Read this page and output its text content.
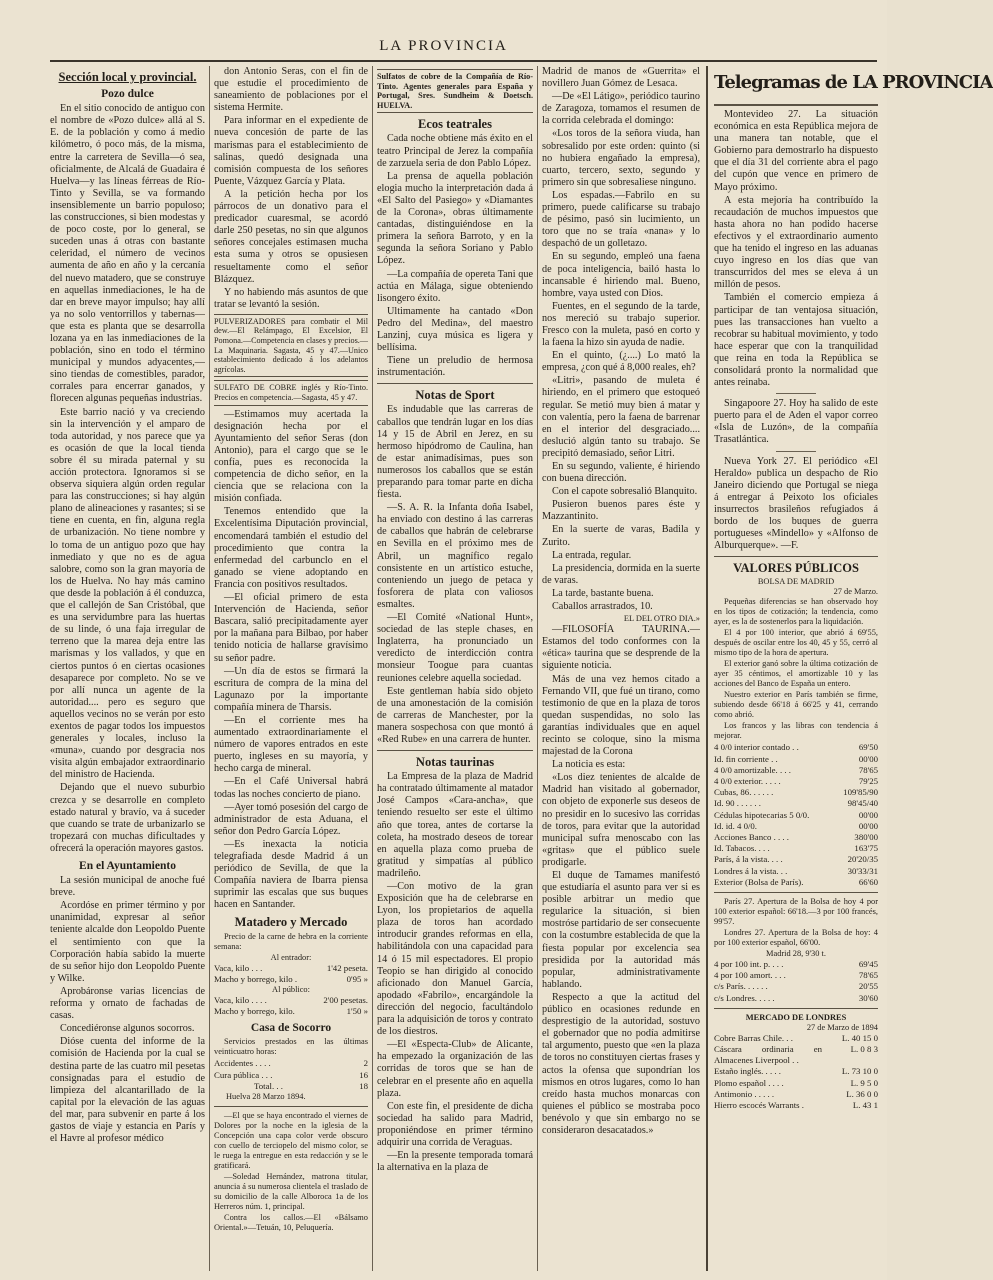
LA PROVINCIA
Sección local y provincial.
Pozo dulce

En el sitio conocido de antiguo con el nombre de «Pozo dulce» allá al S. E. de la población y como á medio kilómetro, ó poco más, de la misma, entre la carretera de Sevilla—ó sea, oficialmente, de Alcalá de Guadaira é Huelva—y las líneas férreas de Río-Tinto y Sevilla, se va formando insensiblemente un barrio populoso; las construcciones, si bien modestas y de poco coste, por lo general, se suceden unas á otras con bastante celeridad, el número de vecinos aumenta de año en año y la cercanía del nuevo matadero, que se construye en aquellas inmediaciones, le ha de dar en breve mayor impulso; hay allí ya no solo ventorrillos y tabernas—que esta es planta que se desarrolla lozana ya en las inmediaciones de la población, sino en todo el término municipal y mundos adyacentes,—sino tiendas de comestibles, parador, corrales para encerrar ganados, y florecen algunas pequeñas industrias.

Este barrio nació y va creciendo sin la intervención y el amparo de toda autoridad, y nos parece que ya es ocasión de que la local tienda sobre él su mirada paternal y su acción protectora. Ignoramos si se observa siquiera algún orden regular para las construcciones; si hay algún plano de alineaciones y rasantes; si se tiene en cuenta, en fin, alguna regla de urbanización. No tiene nombre y lo toma de un antiguo pozo que hay inmediato y que no es de agua salobre, como son la gran mayoría de los de Huelva. No hay más camino que desde la población á él conduzca, que el callejón de San Cristóbal, que es una servidumbre para las huertas de su linde, ó una faja irregular de terreno que la marea deja entre las marismas y los vallados, y que en ciertos puntos ó en ciertas ocasiones desaparece por completo. No se ve por allí nunca un agente de la autoridad.... pero es seguro que aquellos vecinos no se verán por esto exentos de pagar todos los impuestos generales y locales, incluso la «muna», cuando por desgracia nos visita algún embajador extraordinario del ministro de Hacienda.

Dejando que el nuevo suburbio crezca y se desarrolle en completo estado natural y bravío, va á suceder que cuando se trate de urbanizarlo se tropezará con muchas dificultades y ofrecerá la operación mayores gastos.

En el Ayuntamiento

La sesión municipal de anoche fué breve.

Acordóse en primer término y por unanimidad, expresar al señor teniente alcalde don Leopoldo Puente el sentimiento con que la Corporación había sabido la muerte de su señor hijo don Leopoldo Puente y Wilke.

Aprobáronse varias licencias de reforma y ornato de fachadas de casas.

Concediéronse algunos socorros.

Dióse cuenta del informe de la comisión de Hacienda por la cual se destina parte de las cuatro mil pesetas consignadas para el estudio de limpieza del alcantarillado de la capital por la elevación de las aguas del mar, para subvenir en parte á los gastos de viaje y estancia en París y el Havre al profesor médico

don Antonio Seras, con el fin de que estudie el procedimiento de saneamiento de poblaciones por el sistema Hermite.

Para informar en el expediente de nueva concesión de parte de las marismas para el establecimiento de salinas, quedó designada una comisión compuesta de los señores Puente, Vázquez García y Plata.

A la petición hecha por los párrocos de un donativo para el predicador cuaresmal, se acordó darle 250 pesetas, no sin que algunos señores concejales estimasen mucha esta suma y otros se opusiesen resueltamente como el señor Blázquez.

Y no habiendo más asuntos de que tratar se levantó la sesión.

PULVERIZADORES para combatir el Mil dew.—El Relámpago, El Excelsior, El Pomona.—Competencia en clases y precios.—La Maquinaria. Sagasta, 45 y 47.—Unico establecimiento dedicado á los adelantos agrícolas.
SULFATO DE COBRE inglés y Río-Tinto. Precios en competencia.—Sagasta, 45 y 47.

—Estimamos muy acertada la designación hecha por el Ayuntamiento del señor Seras (don Antonio), para el cargo que se le confía, pues es reconocida la competencia de dicho señor, en la ciencia que se relaciona con la misión confiada.

Tenemos entendido que la Excelentísima Diputación provincial, encomendará también el estudio del procedimiento que contra la enfermedad del carbunclo en el ganado se viene adoptando en Francia con positivos resultados.

—El oficial primero de esta Intervención de Hacienda, señor Bascara, salió precipitadamente ayer por la mañana para Bilbao, por haber tenido noticia de hallarse gravísimo su señor padre.

—Un día de estos se firmará la escritura de compra de la mina del Lagunazo por la importante compañía minera de Tharsis.

—En el corriente mes ha aumentado extraordinariamente el número de vapores entrados en este puerto, ingleses en su mayoría, y hecho carga de mineral.

—En el Café Universal habrá todas las noches concierto de piano.

—Ayer tomó posesión del cargo de administrador de esta Aduana, el señor don Pedro García López.

—Es inexacta la noticia telegrafiada desde Madrid á un periódico de Sevilla, de que la Compañía naviera de Ibarra piensa suprimir las escalas que sus buques hacen en Santander.

Matadero y Mercado

Precio de la carne de hebra en la corriente semana:

Al entrador:
Vaca, kilo . . .	1'42 peseta.
Macho y borrego, kilo .	0'95 »
Al público:
Vaca, kilo . . . .	2'00 pesetas.
Macho y borrego, kilo.	1'50 »
Casa de Socorro

Servicios prestados en las últimas veinticuatro horas:

Accidentes . . . .	2
Cura pública . . .	16
Total. . .	18
Huelva 28 Marzo 1894.

—El que se haya encontrado el viernes de Dolores por la noche en la iglesia de la Concepción una capa color verde obscuro con cuello de terciopelo del mismo color, se le ruega la entregue en esta redacción y se le gratificará.

—Soledad Hernández, matrona titular, anuncia á su numerosa clientela el traslado de su domicilio de la calle Alboroca 1a de los Herreros núm. 1, principal.

Contra los callos.—El «Bálsamo Oriental.»—Tetuán, 10, Peluquería.

Sulfatos de cobre de la Compañía de Río-Tinto. Agentes generales para España y Portugal, Sres. Sundheim & Doetsch. HUELVA.
Ecos teatrales

Cada noche obtiene más éxito en el teatro Principal de Jerez la compañía de zarzuela seria de don Pablo López.

La prensa de aquella población elogia mucho la interpretación dada á «El Salto del Pasiego» y «Diamantes de la Corona», obras últimamente cantadas, distinguiéndose en la primera la señora Barroto, y en la segunda la señora Soriano y Pablo López.

—La compañía de opereta Tani que actúa en Málaga, sigue obteniendo lisongero éxito.

Ultimamente ha cantado «Don Pedro del Medina», del maestro Lanzinj, cuya música es ligera y bellísima.

Tiene un preludio de hermosa instrumentación.

Notas de Sport

Es indudable que las carreras de caballos que tendrán lugar en los días 14 y 15 de Abril en Jerez, en su hermoso hipódromo de Caulina, han de estar animadísimas, pues son numerosos los caballos que se están preparando para tomar parte en dicha fiesta.

—S. A. R. la Infanta doña Isabel, ha enviado con destino á las carreras de caballos que habrán de celebrarse en Sevilla en el próximo mes de Abril, un magnífico regalo consistente en un artístico estuche, conteniendo un juego de petaca y fosforera de plata con valiosos esmaltes.

—El Comité «National Hunt», sociedad de las steple chases, en Inglaterra, ha pronunciado un veredicto de interdicción contra monsieur Toogue para cuantas reuniones celebre aquella sociedad.

Este gentleman había sido objeto de una amonestación de la comisión de carreras de Manchester, por la manera sospechosa con que montó á «Red Rube» en una carrera de hunter.

Notas taurinas

La Empresa de la plaza de Madrid ha contratado últimamente al matador José Campos «Cara-ancha», que teniendo resuelto ser este el último año que torea, antes de cortarse la coleta, ha mostrado deseos de torear en aquella plaza como prueba de gratitud y simpatías al público madrileño.

—Con motivo de la gran Exposición que ha de celebrarse en Lyon, los propietarios de aquella plaza de toros han acordado introducir grandes reformas en ella, habilitándola con una capacidad para 14 ó 15 mil espectadores. El propio Teopio se han dirigido al conocido aficionado don Manuel García, apodado «Fabrilo», encargándole la dirección del negocio, facultándolo para la adquisición de toros y contrato de los diestros.

—El «Especta-Club» de Alicante, ha empezado la organización de las corridas de toros que se han de celebrar en el presente año en aquella plaza.

Con este fin, el presidente de dicha sociedad ha salido para Madrid, proponiéndose en primer término adquirir una corrida de Veraguas.

—En la presente temporada tomará la alternativa en la plaza de

Madrid de manos de «Guerrita» el novillero Juan Gómez de Lesaca.

—De «El Látigo», periódico taurino de Zaragoza, tomamos el resumen de la corrida celebrada el domingo:

«Los toros de la señora viuda, han sobresalido por este orden: quinto (si no hubiera engañado la empresa), cuarto, tercero, sexto, segundo y primero sin que sobresaliese ninguno.

Los espadas.—Fabrilo en su primero, puede calificarse su trabajo de pésimo, pasó sin lucimiento, un toro que no se traía «nana» y lo despachó de un golletazo.

En su segundo, empleó una faena de poca inteligencia, bailó hasta lo incansable é hiriendo mal. Bueno, hombre, vaya usted con Dios.

Fuentes, en el segundo de la tarde, nos mereció su trabajo superior. Fresco con la muleta, pasó en corto y la faena la hizo sin ayuda de nadie.

En el quinto, (¿....) Lo mató la empresa, ¿con qué á 8,000 reales, eh?

«Litri», pasando de muleta é hiriendo, en el primero que estoqueó regular. Se metió muy bien á matar y con valentía, pero la faena de barrenar en el interior del desgraciado.... deslució algún tanto su trabajo. Se precipitó demasiado, señor Litri.

En su segundo, valiente, é hiriendo con buena dirección.

Con el capote sobresalió Blanquito.

Pusieron buenos pares éste y Mazzantinito.

En la suerte de varas, Badila y Zurito.

La entrada, regular.

La presidencia, dormida en la suerte de varas.

La tarde, bastante buena.

Caballos arrastrados, 10.

EL DEL OTRO DIA.»

—FILOSOFÍA TAURINA.—Estamos del todo conformes con la «ética» taurina que se desprende de la siguiente noticia.

Más de una vez hemos citado a Fernando VII, que fué un tirano, como testimonio de que en la plaza de toros quedan suspendidas, no solo las garantías individuales que en aquel recinto se coloque, sino la misma majestad de la Corona

La noticia es esta:

«Los diez tenientes de alcalde de Madrid han visitado al gobernador, con objeto de exponerle sus deseos de no presidir en lo sucesivo las corridas de toros, para evitar que la autoridad municipal sufra menoscabo con las «gritas» que el público suele prodigarle.

El duque de Tamames manifestó que estudiaría el asunto para ver si es posible arbitrar un medio que regularice la situación, si bien mostróse partidario de ser consecuente con la costumbre establecida de que la fiesta popular por excelencia sea presidida por la autoridad más popular, administrativamente hablando.

Respecto a que la actitud del público en ocasiones redunde en desprestigio de la autoridad, sostuvo el gobernador que no podía admitirse tal argumento, puesto que «en la plaza de toros no constituyen ciertas frases y actos la ofensa que supondrían los mismos en otros lugares, como lo han creído hasta muchos monarcas con quienes el público se mostraba poco benévolo y que sin embargo no se consideraron desacatados.»

Telegramas de LA PROVINCIA

Montevideo 27. La situación económica en esta República mejora de una manera tan notable, que el Gobierno para demostrarlo ha dispuesto que el día 31 del corriente abra el pago del cupón que vence en primero de Mayo próximo.

A esta mejoría ha contribuído la recaudación de muchos impuestos que hasta ahora no han podido hacerse efectivos y el extraordinario aumento que ha tenido el ingreso en las aduanas cuyo ingreso en los días que van transcurridos del mes se eleva á un millón de pesos.

También el comercio empieza á participar de tan ventajosa situación, pues las transacciones han vuelto a recobrar su habitual movimiento, y todo hace esperar que con la tranquilidad que reina en toda la República se consolidará pronto la normalidad que antes reinaba.

Singapoore 27. Hoy ha salido de este puerto para el de Aden el vapor correo «Isla de Luzón», de la compañía Trasatlántica.

Nueva York 27. El periódico «El Heraldo» publica un despacho de Rio Janeiro diciendo que Portugal se niega á entregar á Peixoto los oficiales insurrectos brasileños refugiados á bordo de los buques de guerra portugueses «Mindello» y «Alfonso de Alburquerque». —F.

VALORES PÚBLICOS
BOLSA DE MADRID
27 de Marzo.

Pequeñas diferencias se han observado hoy en los tipos de cotización; la tendencia, como ayer, es la de sostenerlos para la liquidación.

El 4 por 100 interior, que abrió á 69'55, después de oscilar entre los 40, 45 y 55, cerró al mismo tipo de la hora de apertura.

El exterior ganó sobre la última cotización de ayer 35 céntimos, el amortizable 10 y las acciones del Banco de España un entero.

Nuestro exterior en París también se firme, subiendo desde 66'18 á 66'25 y 41, cerrando como abrió.

Los francos y las libras con tendencia á mejorar.

4 0/0 interior contado . .	69'50
Id. fin corriente . .	00'00
4 0/0 amortizable. . . .	78'65
4 0/0 exterior. . . . .	79'25
Cubas, 86. . . . . .	109'85/90
Id. 90 . . . . . .	98'45/40
Cédulas hipotecarias 5 0/0.	00'00
Id. id. 4 0/0.	00'00
Acciones Banco . . . .	380'00
Id. Tabacos. . . .	163'75
París, á la vista. . . .	20'20/35
Londres á la vista. . .	30'33/31
Exterior (Bolsa de París).	66'60

París 27. Apertura de la Bolsa de hoy 4 por 100 exterior español: 66'18.—3 por 100 francés, 99'57.

Londres 27. Apertura de la Bolsa de hoy: 4 por 100 exterior español, 66'00.

Madrid 28, 9'30 t.
4 por 100 int. p. . . .	69'45
4 por 100 amort. . . .	78'65
c/s París. . . . . .	20'55
c/s Londres. . . . .	30'60
MERCADO DE LONDRES
27 de Marzo de 1894
Cobre Barras Chile. . .	L. 40 15 0
Cáscara ordinaria en Almacenes Liverpool . .
L. 0 8 3
Estaño inglés. . . . .	L. 73 10 0
Plomo español . . . .	L. 9 5 0
Antimonio . . . . .	L. 36 0 0
Hierro escocés Warrants .	L. 43 1
